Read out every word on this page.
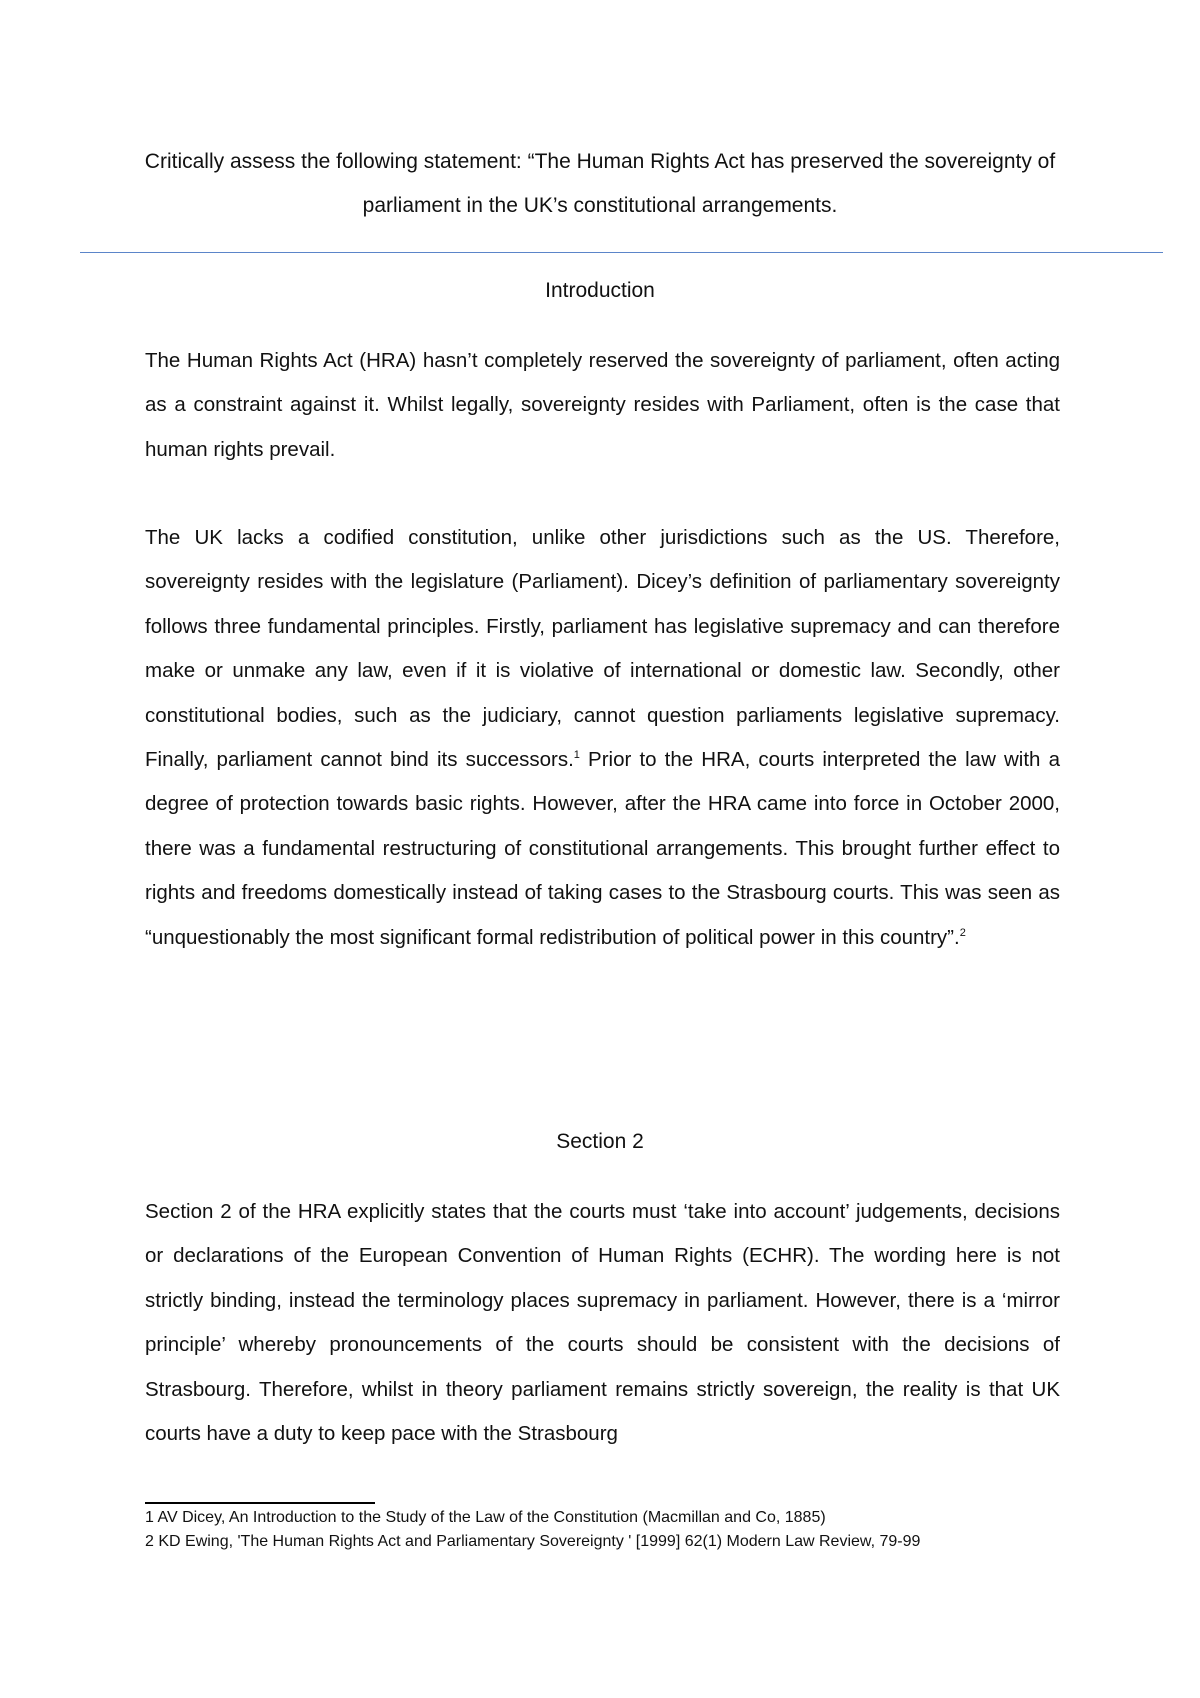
Critically assess the following statement: “The Human Rights Act has preserved the sovereignty of parliament in the UK’s constitutional arrangements.
Introduction
The Human Rights Act (HRA) hasn’t completely reserved the sovereignty of parliament, often acting as a constraint against it. Whilst legally, sovereignty resides with Parliament, often is the case that human rights prevail.
The UK lacks a codified constitution, unlike other jurisdictions such as the US. Therefore, sovereignty resides with the legislature (Parliament). Dicey’s definition of parliamentary sovereignty follows three fundamental principles. Firstly, parliament has legislative supremacy and can therefore make or unmake any law, even if it is violative of international or domestic law. Secondly, other constitutional bodies, such as the judiciary, cannot question parliaments legislative supremacy. Finally, parliament cannot bind its successors.$^1$ Prior to the HRA, courts interpreted the law with a degree of protection towards basic rights. However, after the HRA came into force in October 2000, there was a fundamental restructuring of constitutional arrangements. This brought further effect to rights and freedoms domestically instead of taking cases to the Strasbourg courts. This was seen as “unquestionably the most significant formal redistribution of political power in this country”.$^2$
Section 2
Section 2 of the HRA explicitly states that the courts must ‘take into account’ judgements, decisions or declarations of the European Convention of Human Rights (ECHR). The wording here is not strictly binding, instead the terminology places supremacy in parliament. However, there is a ‘mirror principle’ whereby pronouncements of the courts should be consistent with the decisions of Strasbourg. Therefore, whilst in theory parliament remains strictly sovereign, the reality is that UK courts have a duty to keep pace with the Strasbourg
1 AV Dicey, An Introduction to the Study of the Law of the Constitution (Macmillan and Co, 1885)
2 KD Ewing, 'The Human Rights Act and Parliamentary Sovereignty ' [1999] 62(1) Modern Law Review, 79-99
